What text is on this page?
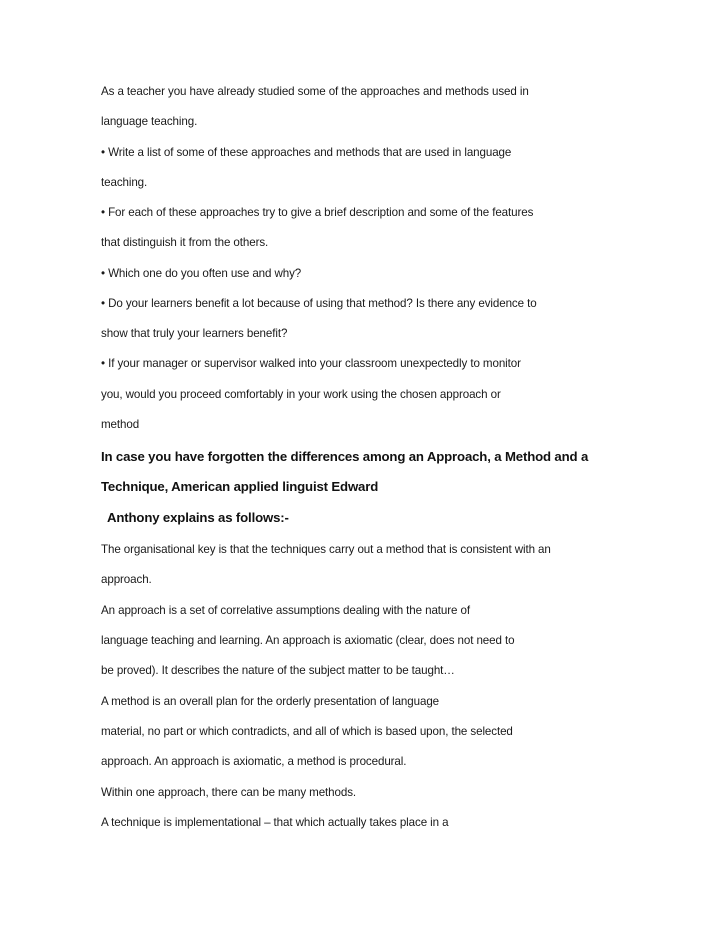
As a teacher you have already studied some of the approaches and methods used in

language teaching.

• Write a list of some of these approaches and methods that are used in language

teaching.

• For each of these approaches try to give a brief description and some of the features

that distinguish it from the others.

• Which one do you often use and why?

• Do your learners benefit a lot because of using that method? Is there any evidence to

show that truly your learners benefit?

• If your manager or supervisor walked into your classroom unexpectedly to monitor

you, would you proceed comfortably in your work using the chosen approach or

method

In case you have forgotten the differences among an Approach, a Method and a

Technique, American applied linguist Edward

Anthony explains as follows:-

The organisational key is that the techniques carry out a method that is consistent with an

approach.

An approach is a set of correlative assumptions dealing with the nature of

language teaching and learning. An approach is axiomatic (clear, does not need to

be proved). It describes the nature of the subject matter to be taught…

A method is an overall plan for the orderly presentation of language

material, no part or which contradicts, and all of which is based upon, the selected

approach. An approach is axiomatic, a method is procedural.

Within one approach, there can be many methods.

A technique is implementational – that which actually takes place in a
